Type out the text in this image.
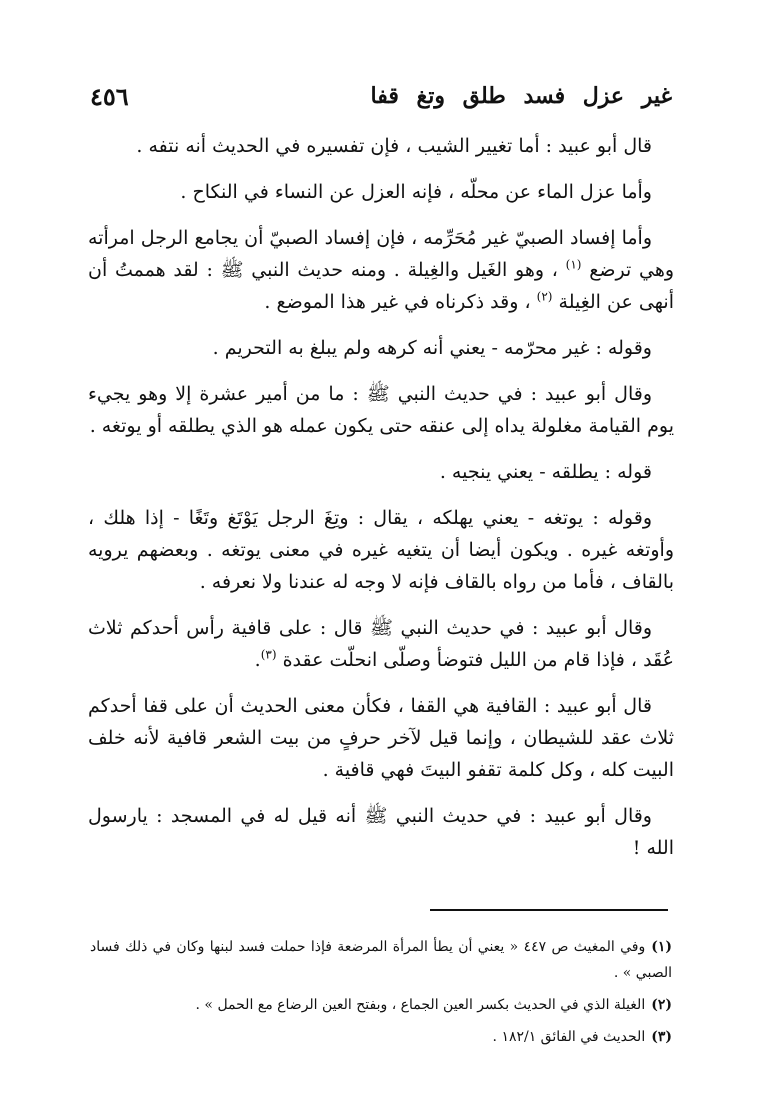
٤٥٦	غير عزل فسد طلق وتغ قفا

قال أبو عبيد : أما تغيير الشيب ، فإن تفسيره في الحديث أنه نتفه .

وأما عزل الماء عن محلّه ، فإنه العزل عن النساء في النكاح .

وأما إفساد الصبيّ غير مُحَرِّمه ، فإن إفساد الصبيّ أن يجامع الرجل امرأته وهي ترضع $^{(١)}$ ، وهو الغَيل والغِيلة . ومنه حديث النبي ﷺ : لقد هممتُ أن أنهى عن الغِيلة $^{(٢)}$ ، وقد ذكرناه في غير هذا الموضع .

وقوله : غير محرّمه - يعني أنه كرهه ولم يبلغ به التحريم .

وقال أبو عبيد : في حديث النبي ﷺ : ما من أمير عشرة إلا وهو يجيء يوم القيامة مغلولة يداه إلى عنقه حتى يكون عمله هو الذي يطلقه أو يوتغه .

قوله : يطلقه - يعني ينجيه .

وقوله : يوتغه - يعني يهلكه ، يقال : وتِغَ الرجل يَوْتَغ وتَغًا - إذا هلك ، وأوتغه غيره . ويكون أيضا أن يتغيه غيره في معنى يوتغه . وبعضهم يرويه بالقاف ، فأما من رواه بالقاف فإنه لا وجه له عندنا ولا نعرفه .

وقال أبو عبيد : في حديث النبي ﷺ قال : على قافية رأس أحدكم ثلاث عُقَد ، فإذا قام من الليل فتوضأ وصلّى انحلّت عقدة $^{(٣)}$.

قال أبو عبيد : القافية هي القفا ، فكأن معنى الحديث أن على قفا أحدكم ثلاث عقد للشيطان ، وإنما قيل لآخر حرفٍ من بيت الشعر قافية لأنه خلف البيت كله ، وكل كلمة تقفو البيتَ فهي قافية .

وقال أبو عبيد : في حديث النبي ﷺ أنه قيل له في المسجد : يارسول الله !

(١)وفي المغيث ص ٤٤٧ « يعني أن يطأ المرأة المرضعة فإذا حملت فسد لبنها وكان في ذلك فساد الصبي » .

(٢)الغيلة الذي في الحديث بكسر العين الجماع ، وبفتح العين الرضاع مع الحمل » .

(٣)الحديث في الفائق ١٨٢/١ .
